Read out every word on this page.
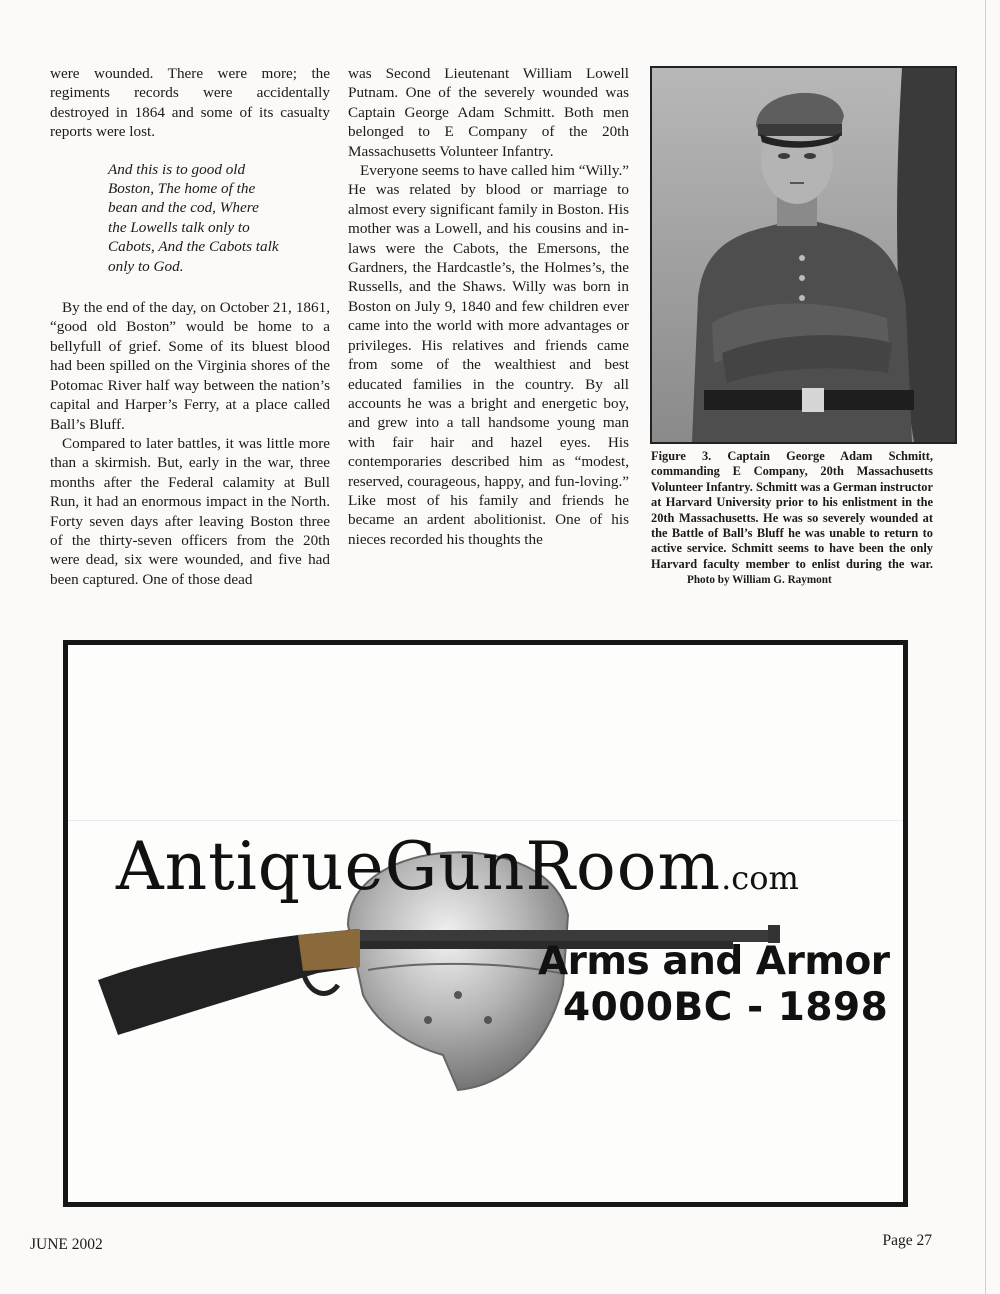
were wounded. There were more; the regiments records were accidentally destroyed in 1864 and some of its casualty reports were lost.

And this is to good old
Boston, The home of the
bean and the cod, Where
the Lowells talk only to
Cabots, And the Cabots talk
only to God.

By the end of the day, on October 21, 1861, “good old Boston” would be home to a bellyfull of grief. Some of its bluest blood had been spilled on the Virginia shores of the Potomac River half way between the nation’s capital and Harper’s Ferry, at a place called Ball’s Bluff.

Compared to later battles, it was little more than a skirmish. But, early in the war, three months after the Federal calamity at Bull Run, it had an enormous impact in the North. Forty seven days after leaving Boston three of the thirty-seven officers from the 20th were dead, six were wounded, and five had been captured. One of those dead

was Second Lieutenant William Lowell Putnam. One of the severely wounded was Captain George Adam Schmitt. Both men belonged to E Company of the 20th Massachusetts Volunteer Infantry.

Everyone seems to have called him “Willy.” He was related by blood or marriage to almost every significant family in Boston. His mother was a Lowell, and his cousins and in-laws were the Cabots, the Emersons, the Gardners, the Hardcastle’s, the Holmes’s, the Russells, and the Shaws. Willy was born in Boston on July 9, 1840 and few children ever came into the world with more advantages or privileges. His relatives and friends came from some of the wealthiest and best educated families in the country. By all accounts he was a bright and energetic boy, and grew into a tall handsome young man with fair hair and hazel eyes. His contemporaries described him as “modest, reserved, courageous, happy, and fun-loving.” Like most of his family and friends he became an ardent abolitionist. One of his nieces recorded his thoughts the

Figure 3. Captain George Adam Schmitt, commanding E Company, 20th Massachusetts Volunteer Infantry. Schmitt was a German instructor at Harvard University prior to his enlistment in the 20th Massachusetts. He was so severely wounded at the Battle of Ball’s Bluff he was unable to return to active service. Schmitt seems to have been the only Harvard faculty member to enlist during the war. Photo by William G. Raymont
AntiqueGunRoom.com
Arms and Armor
4000BC - 1898
JUNE 2002	Page 27
